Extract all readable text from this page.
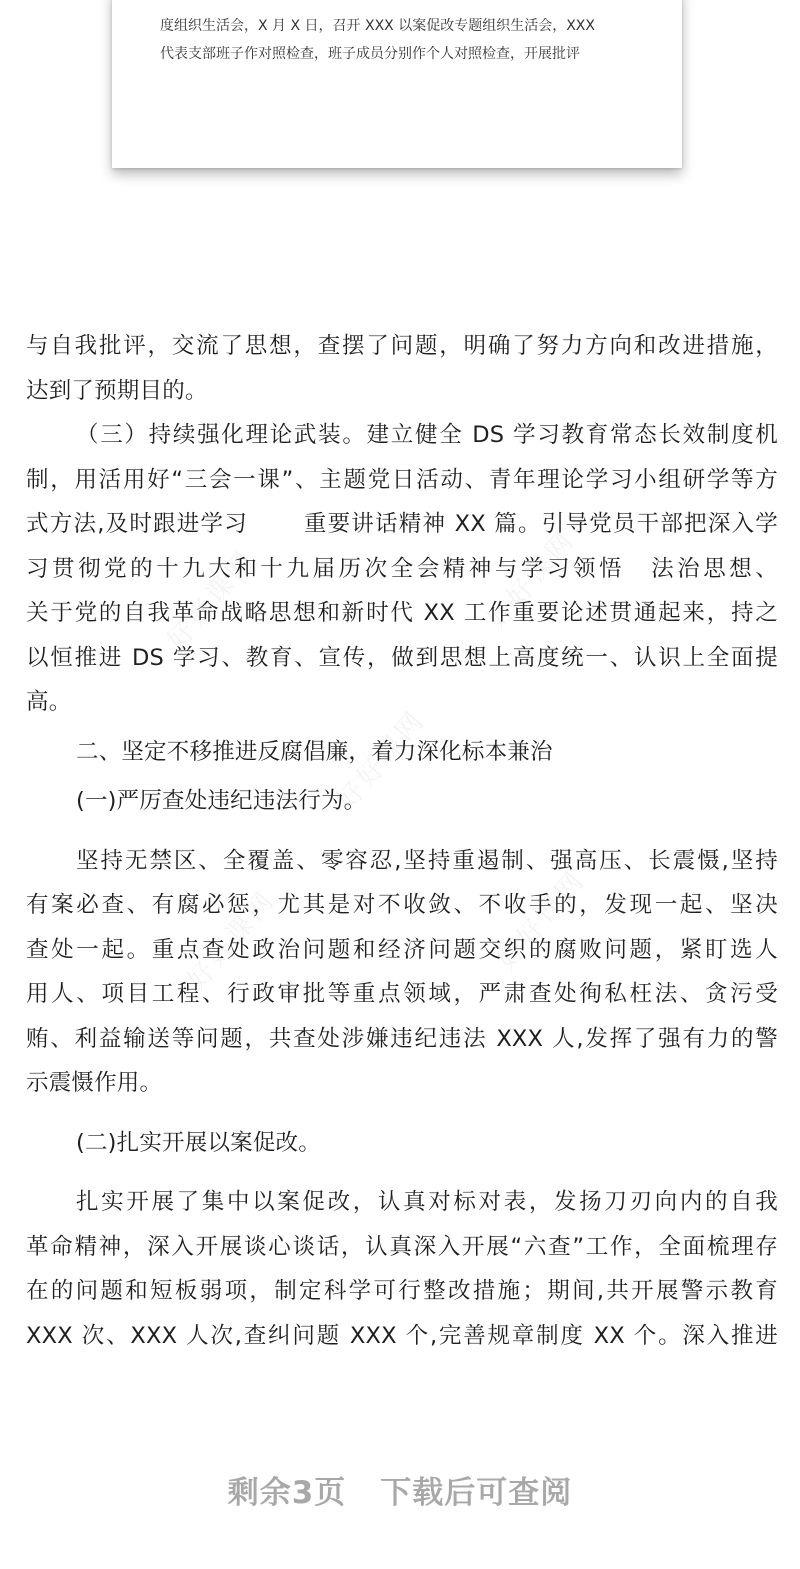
度组织生活会，X 月 X 日，召开 XXX 以案促改专题组织生活会，XXX
代表支部班子作对照检查，班子成员分别作个人对照检查，开展批评
好好课网	好好课网
好好课网
好好课网	好好课网
与自我批评，交流了思想，查摆了问题，明确了努力方向和改进措施，
达到了预期目的。
（三）持续强化理论武装。建立健全 DS 学习教育常态长效制度机
制，用活用好“三会一课”、主题党日活动、青年理论学习小组研学等方
式方法,及时跟进学习　　 重要讲话精神 XX 篇。引导党员干部把深入学
习贯彻党的十九大和十九届历次全会精神与学习领悟　法治思想、
关于党的自我革命战略思想和新时代 XX 工作重要论述贯通起来，持之
以恒推进 DS 学习、教育、宣传，做到思想上高度统一、认识上全面提
高。
二、坚定不移推进反腐倡廉，着力深化标本兼治
(一)严厉查处违纪违法行为。
坚持无禁区、全覆盖、零容忍,坚持重遏制、强高压、长震慑,坚持
有案必查、有腐必惩，尤其是对不收敛、不收手的，发现一起、坚决
查处一起。重点查处政治问题和经济问题交织的腐败问题，紧盯选人
用人、项目工程、行政审批等重点领域，严肃查处徇私枉法、贪污受
贿、利益输送等问题，共查处涉嫌违纪违法 XXX 人,发挥了强有力的警
示震慑作用。
(二)扎实开展以案促改。
扎实开展了集中以案促改，认真对标对表，发扬刀刃向内的自我
革命精神，深入开展谈心谈话，认真深入开展“六查”工作，全面梳理存
在的问题和短板弱项，制定科学可行整改措施；期间,共开展警示教育
XXX 次、XXX 人次,查纠问题 XXX 个,完善规章制度 XX 个。深入推进
剩余3页 下载后可查阅
